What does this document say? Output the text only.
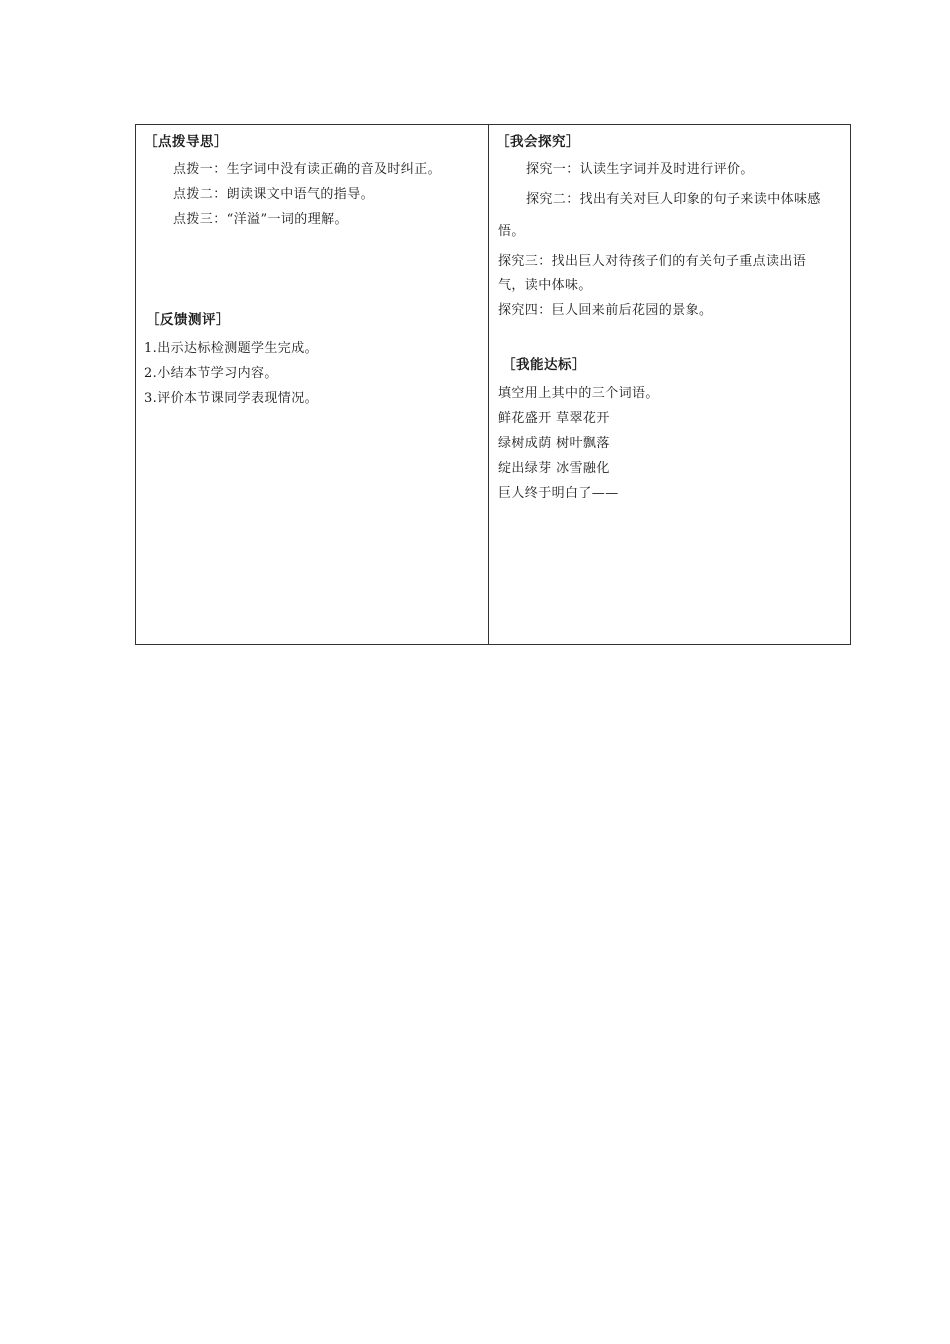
［点拨导思］
点拨一：生字词中没有读正确的音及时纠正。
点拨二：朗读课文中语气的指导。
点拨三：“洋溢”一词的理解。
［反馈测评］
1.出示达标检测题学生完成。
2.小结本节学习内容。
3.评价本节课同学表现情况。
［我会探究］
探究一：认读生字词并及时进行评价。
探究二：找出有关对巨人印象的句子来读中体味感
悟。
探究三：找出巨人对待孩子们的有关句子重点读出语
气，读中体味。
探究四：巨人回来前后花园的景象。
［我能达标］
填空用上其中的三个词语。
鲜花盛开 草翠花开
绿树成荫 树叶飘落
绽出绿芽 冰雪融化
巨人终于明白了——
